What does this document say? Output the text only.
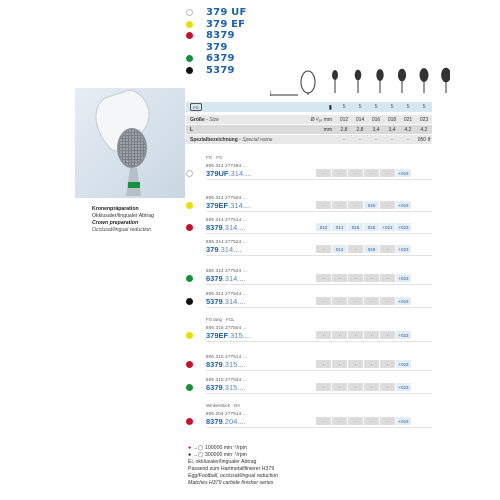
379 UF
379 EF
8379
379
6379
5379
Kronenpräparation
Okklusaler/lingualer Abtrag
Crown preparation
Occlusal/lingual reduction
FG	▮	5	5	5	5	5	5
Größe - Size	Ø ¹⁄₁₀ mm	012	014	016	018	021	023
L	mm	2,8	2,8	3,4	3,4	4,2	4,2
Spezialbezeichnung - Special name	-	-	-	-	-	050 If
FG · FG
806 314 277494 ...
379UF.314....	-	-	-	-	-	+023
806 314 277504 ...
379EF.314....	-	-	-	018	-	+023
806 314 277514 ...
8379.314....	012	014	016	018	+021	+023
806 314 277524 ...
379.314....	-	014	-	018	-	+023
806 314 277534 ...
6379.314....	-	-	-	-	-	+023
806 314 277544 ...
5379.314....	-	-	-	-	-	+023
FG lang · FGL
806 315 277504 ...
379EF.315....	-	-	-	-	-	+023
806 315 277514 ...
8379.315....	-	-	-	-	-	+023
806 315 277534 ...
6379.315....	-	-	-	-	-	+023
Winkelstück · RA
806 204 277514 ...
8379.204....	-	-	-	-	-	+023
● →◯ 100000 min⁻¹/rpm
● →◯ 300000 min⁻¹/rpm
Ei, okklusaler/lingualer Abtrag
Passend zum Hartmetallfinierer H379
Egg/Football, occlusal/lingual reduction
Matches H379 carbide finisher series
